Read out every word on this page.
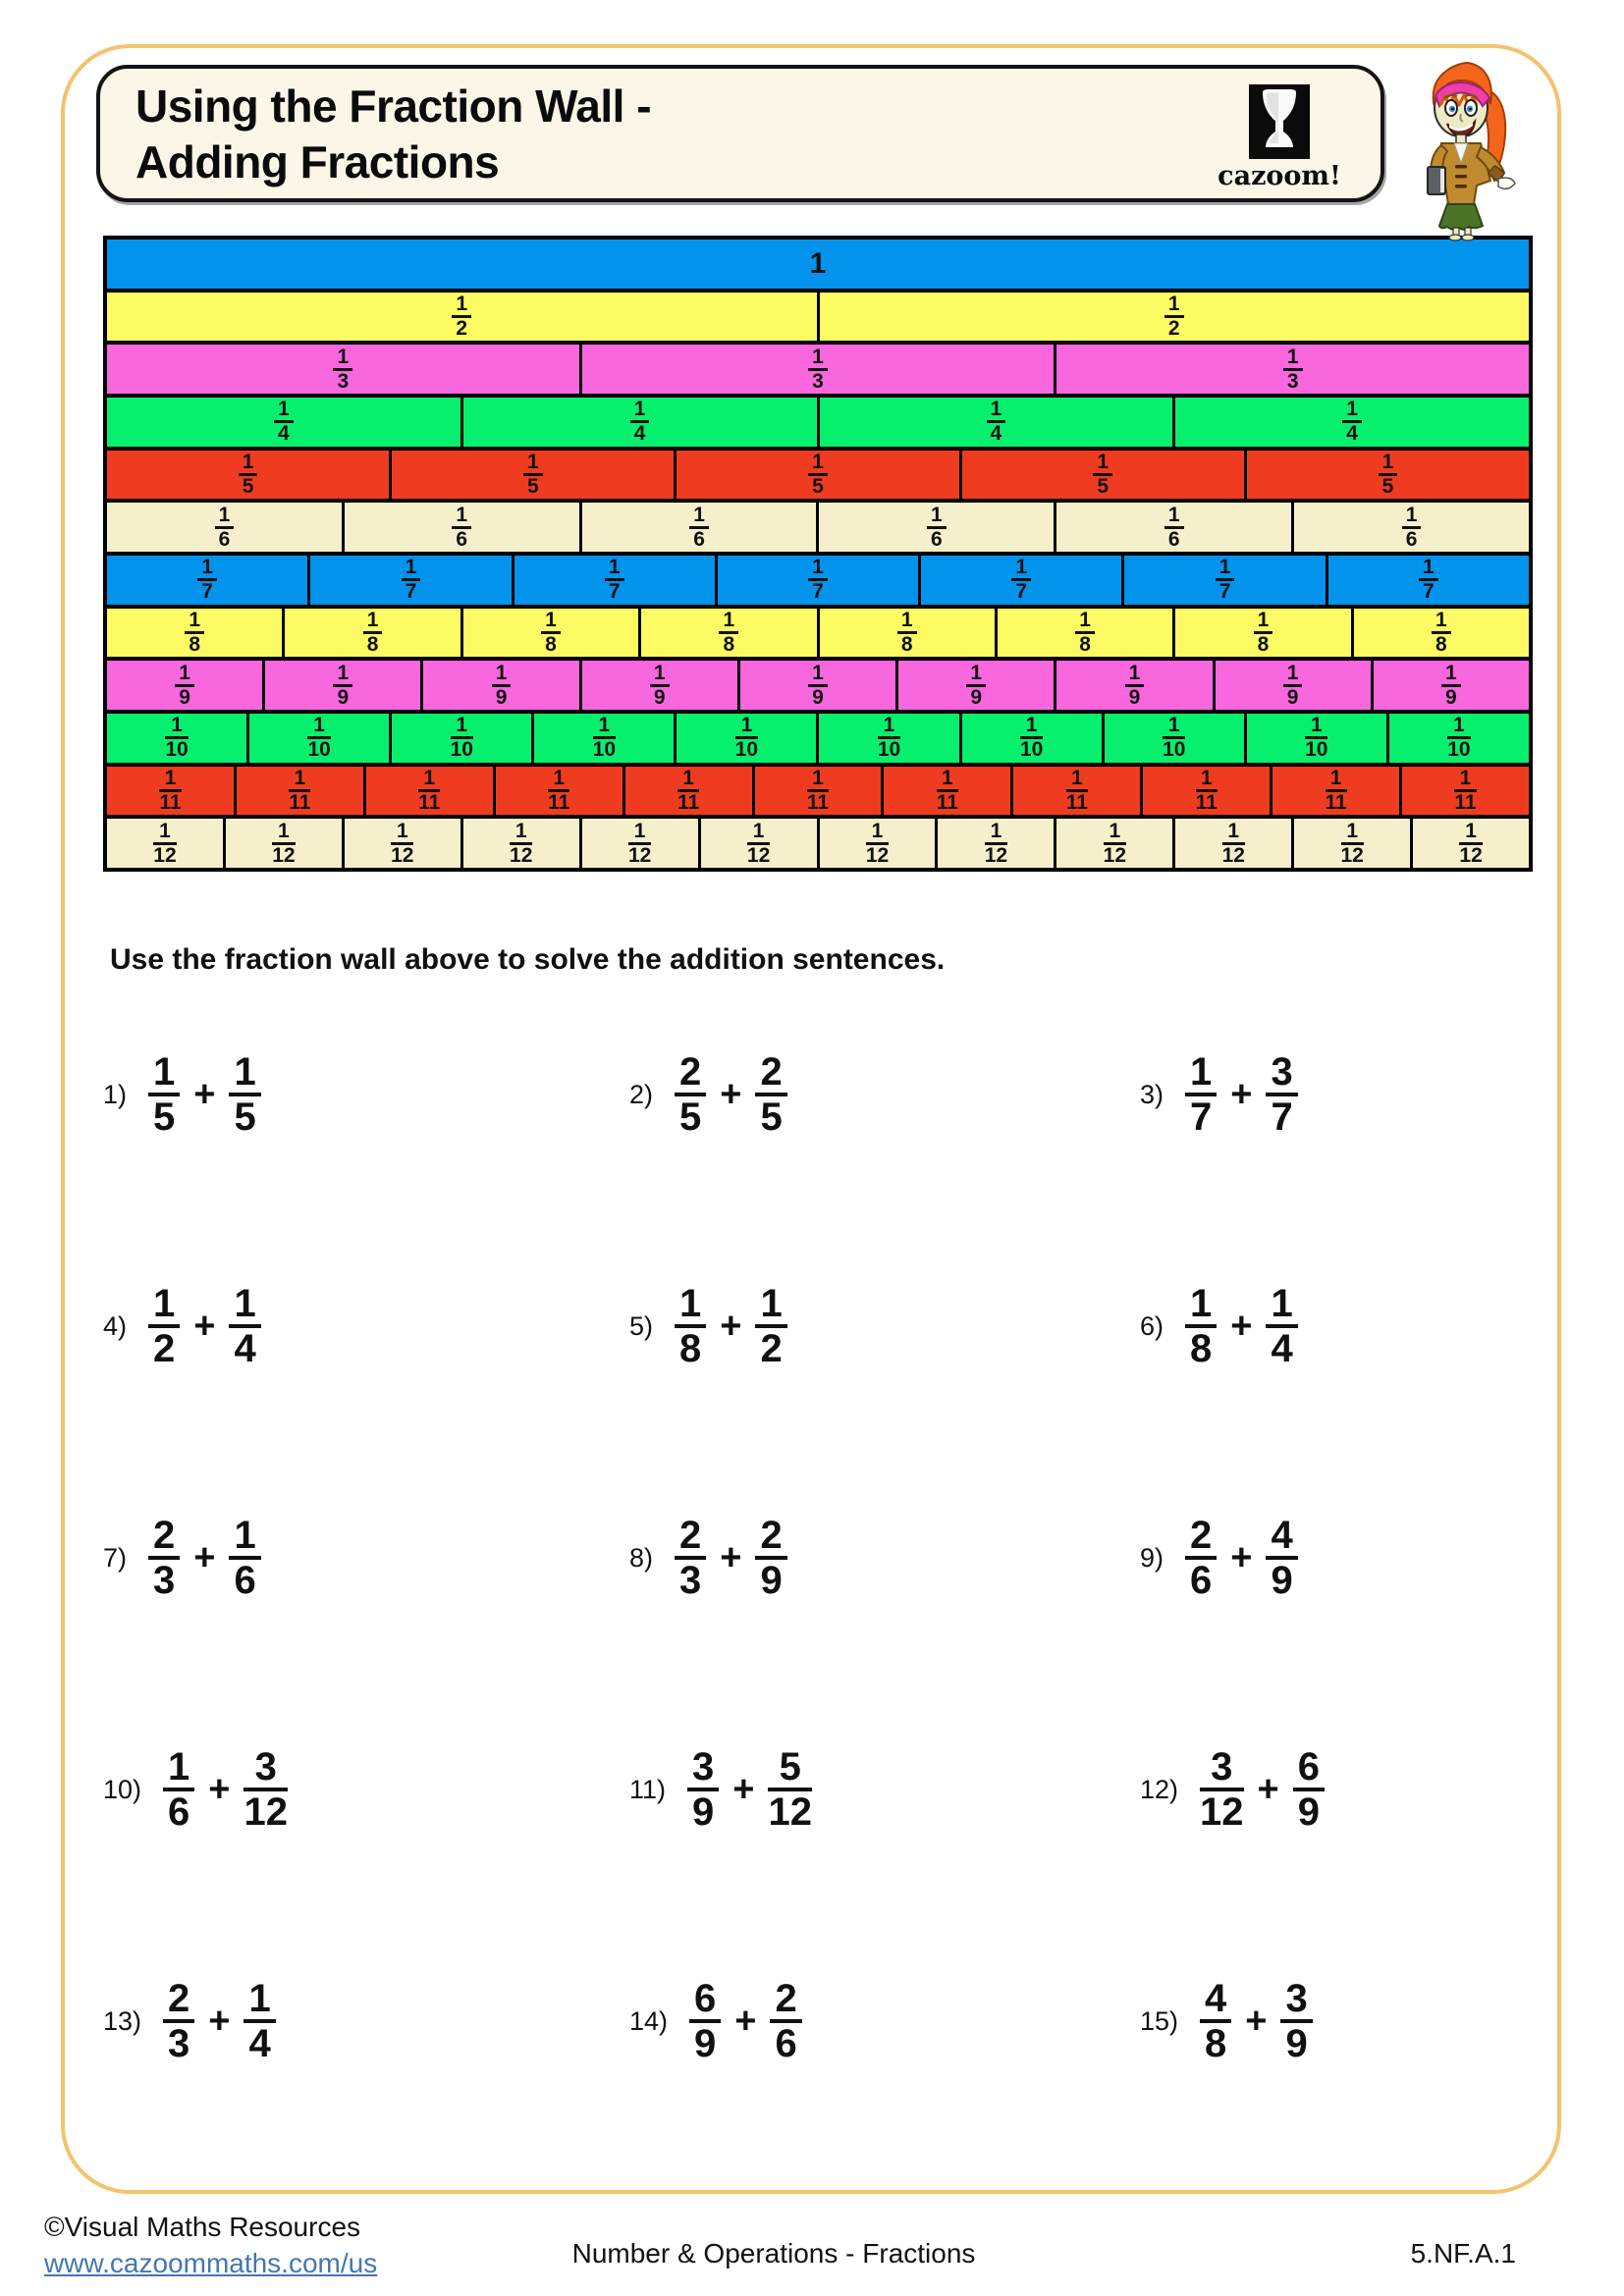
Using the Fraction Wall -
Adding Fractions	cazoom!
1
$\frac{1}{2}$	$\frac{1}{2}$
$\frac{1}{3}$	$\frac{1}{3}$	$\frac{1}{3}$
$\frac{1}{4}$	$\frac{1}{4}$	$\frac{1}{4}$	$\frac{1}{4}$
$\frac{1}{5}$	$\frac{1}{5}$	$\frac{1}{5}$	$\frac{1}{5}$	$\frac{1}{5}$
$\frac{1}{6}$	$\frac{1}{6}$	$\frac{1}{6}$	$\frac{1}{6}$	$\frac{1}{6}$	$\frac{1}{6}$
$\frac{1}{7}$	$\frac{1}{7}$	$\frac{1}{7}$	$\frac{1}{7}$	$\frac{1}{7}$	$\frac{1}{7}$	$\frac{1}{7}$
$\frac{1}{8}$	$\frac{1}{8}$	$\frac{1}{8}$	$\frac{1}{8}$	$\frac{1}{8}$	$\frac{1}{8}$	$\frac{1}{8}$	$\frac{1}{8}$
$\frac{1}{9}$	$\frac{1}{9}$	$\frac{1}{9}$	$\frac{1}{9}$	$\frac{1}{9}$	$\frac{1}{9}$	$\frac{1}{9}$	$\frac{1}{9}$	$\frac{1}{9}$
$\frac{1}{10}$	$\frac{1}{10}$	$\frac{1}{10}$	$\frac{1}{10}$	$\frac{1}{10}$	$\frac{1}{10}$	$\frac{1}{10}$	$\frac{1}{10}$	$\frac{1}{10}$	$\frac{1}{10}$
$\frac{1}{11}$	$\frac{1}{11}$	$\frac{1}{11}$	$\frac{1}{11}$	$\frac{1}{11}$	$\frac{1}{11}$	$\frac{1}{11}$	$\frac{1}{11}$	$\frac{1}{11}$	$\frac{1}{11}$	$\frac{1}{11}$
$\frac{1}{12}$	$\frac{1}{12}$	$\frac{1}{12}$	$\frac{1}{12}$	$\frac{1}{12}$	$\frac{1}{12}$	$\frac{1}{12}$	$\frac{1}{12}$	$\frac{1}{12}$	$\frac{1}{12}$	$\frac{1}{12}$	$\frac{1}{12}$
Use the fraction wall above to solve the addition sentences.
$1) \frac{1}{5} + \frac{1}{5}$	$2) \frac{2}{5} + \frac{2}{5}$	$3) \frac{1}{7} + \frac{3}{7}$
$4) \frac{1}{2} + \frac{1}{4}$	$5) \frac{1}{8} + \frac{1}{2}$	$6) \frac{1}{8} + \frac{1}{4}$
$7) \frac{2}{3} + \frac{1}{6}$	$8) \frac{2}{3} + \frac{2}{9}$	$9) \frac{2}{6} + \frac{4}{9}$
$10) \frac{1}{6} + \frac{3}{12}$	$11) \frac{3}{9} + \frac{5}{12}$	$12) \frac{3}{12} + \frac{6}{9}$
$13) \frac{2}{3} + \frac{1}{4}$	$14) \frac{6}{9} + \frac{2}{6}$	$15) \frac{4}{8} + \frac{3}{9}$
©Visual Maths Resources
www.cazoommaths.com/us	Number & Operations - Fractions	5.NF.A.1
